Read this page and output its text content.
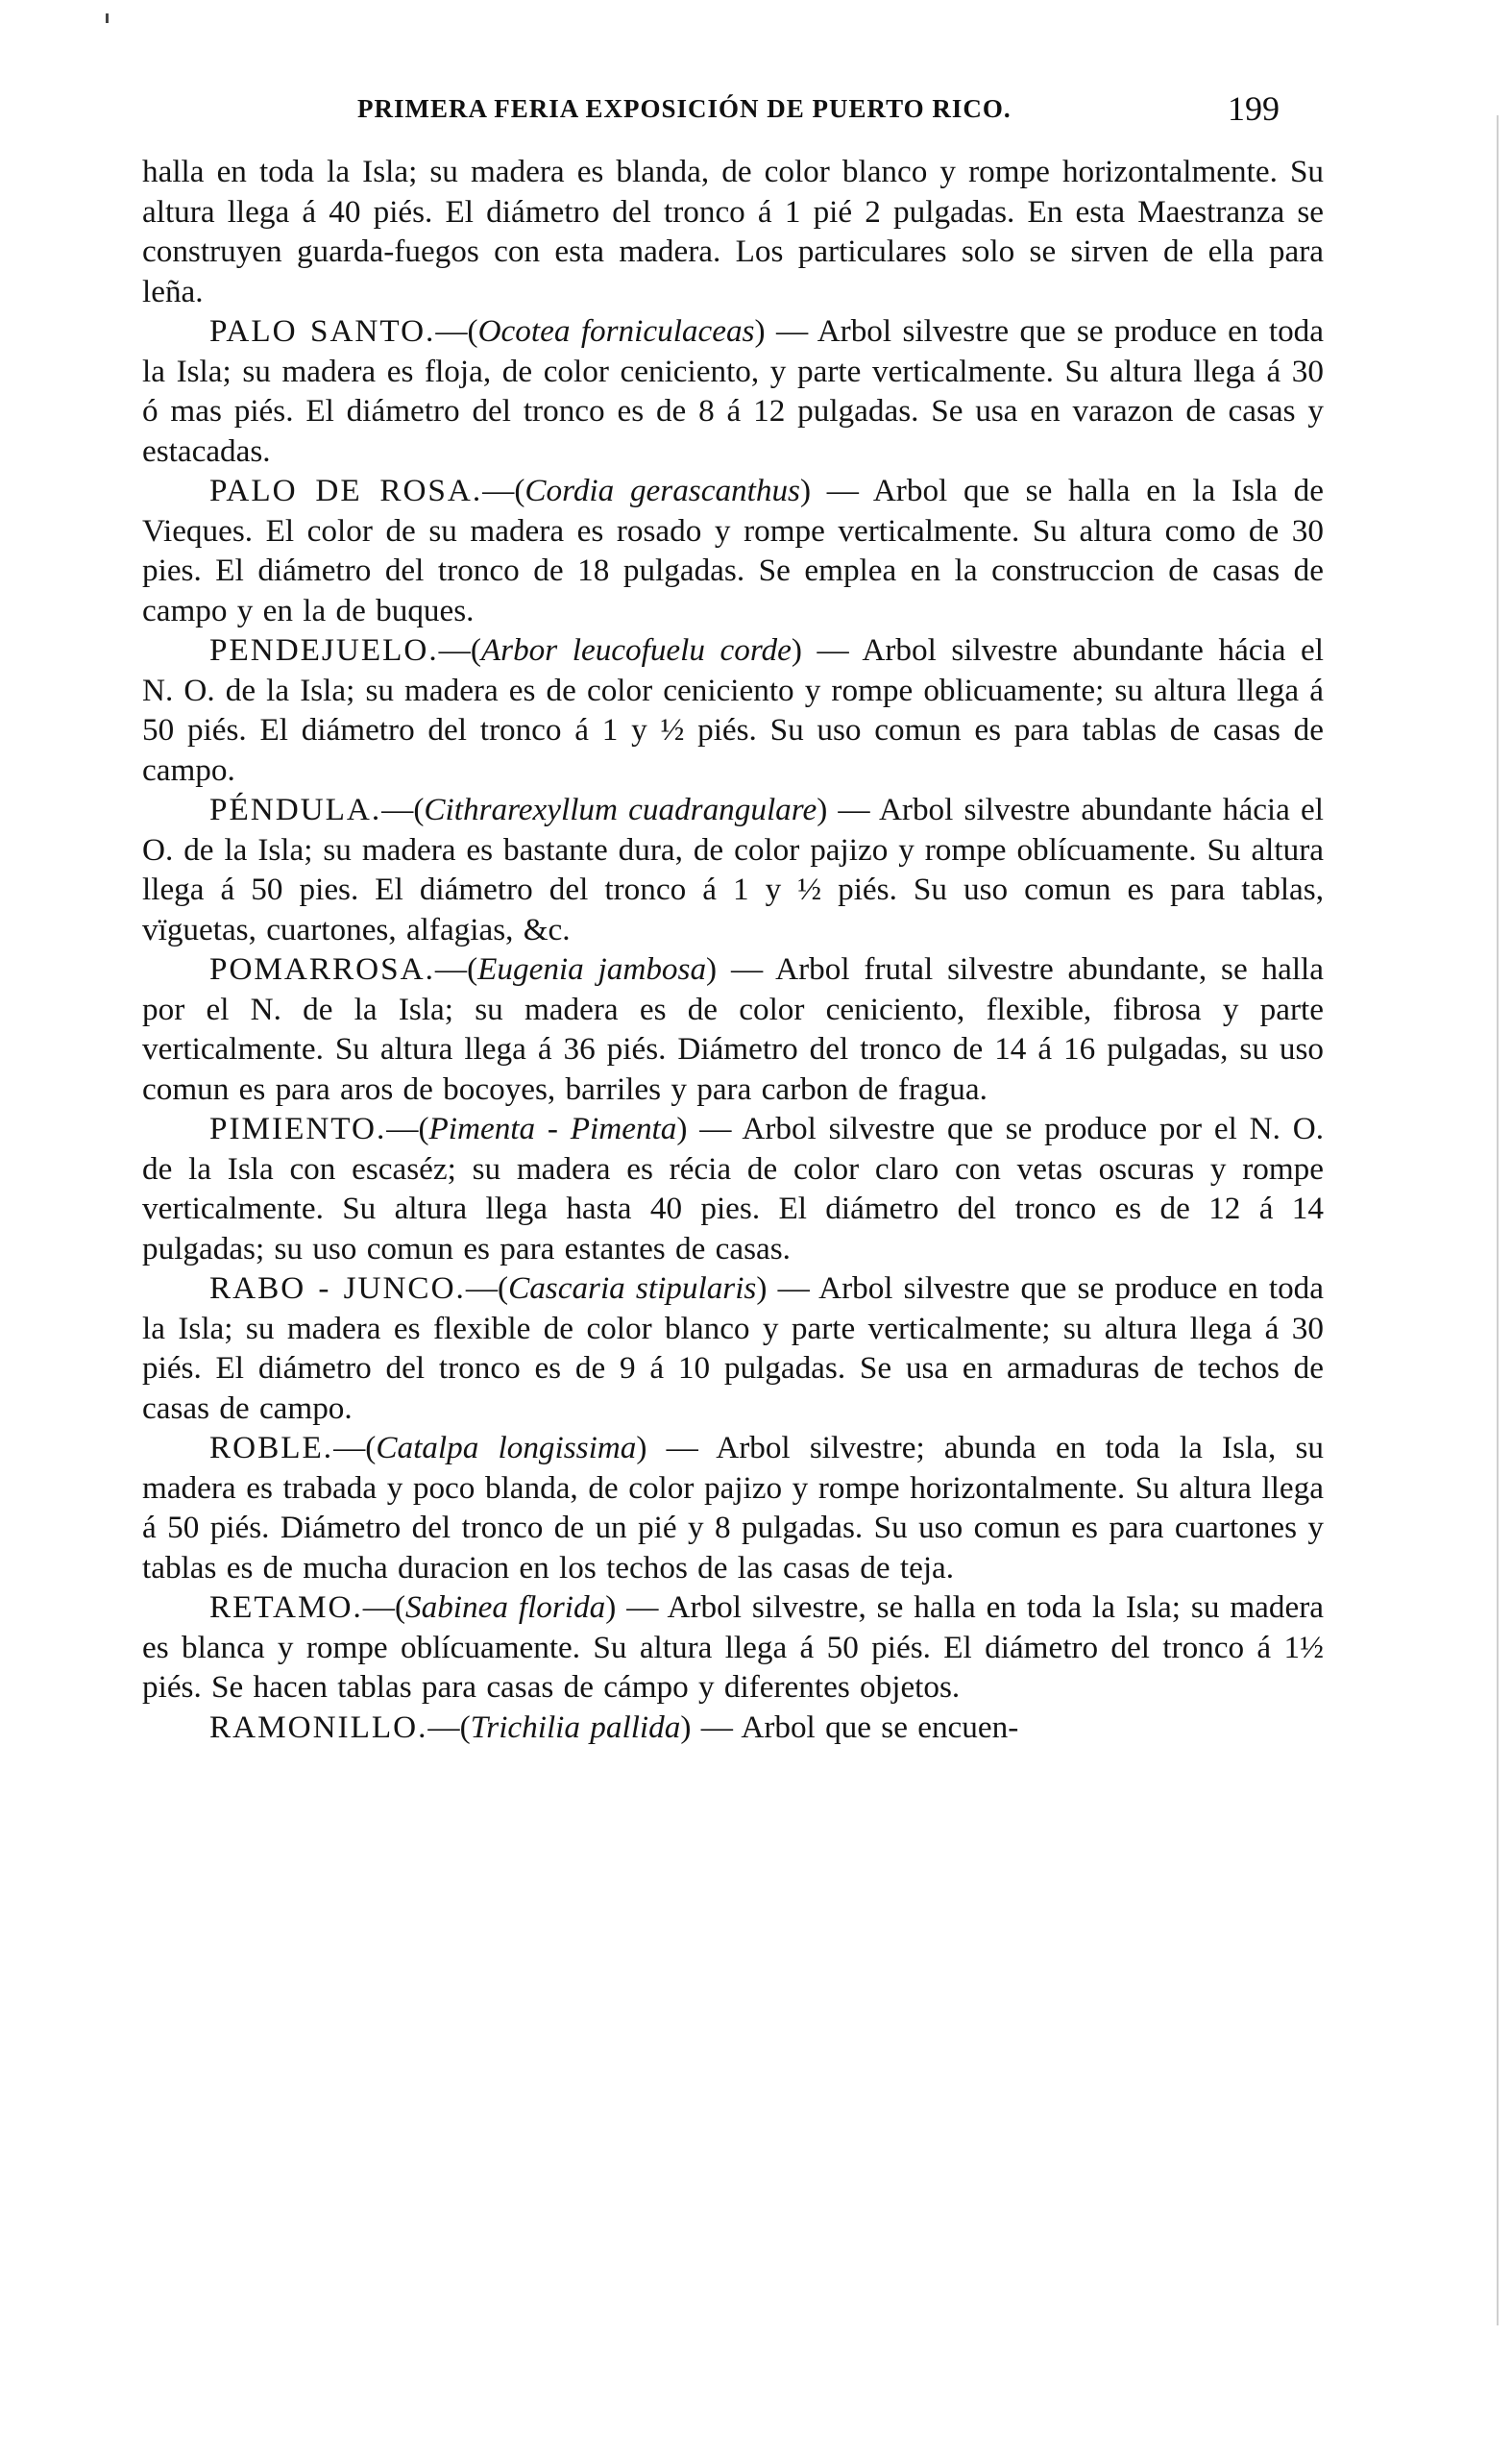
PRIMERA FERIA EXPOSICIÓN DE PUERTO RICO.	199

halla en toda la Isla; su madera es blanda, de color blanco y rompe horizontalmente. Su altura llega á 40 piés. El diámetro del tronco á 1 pié 2 pulgadas. En esta Maestranza se construyen guarda-fuegos con esta madera. Los particulares solo se sirven de ella para leña.

PALO SANTO.—(Ocotea forniculaceas) — Arbol silvestre que se produce en toda la Isla; su madera es floja, de color ceniciento, y parte verticalmente. Su altura llega á 30 ó mas piés. El diámetro del tronco es de 8 á 12 pulgadas. Se usa en varazon de casas y estacadas.

PALO DE ROSA.—(Cordia gerascanthus) — Arbol que se halla en la Isla de Vieques. El color de su madera es rosado y rompe verticalmente. Su altura como de 30 pies. El diámetro del tronco de 18 pulgadas. Se emplea en la construccion de casas de campo y en la de buques.

PENDEJUELO.—(Arbor leucofuelu corde) — Arbol silvestre abundante hácia el N. O. de la Isla; su madera es de color ceniciento y rompe oblicuamente; su altura llega á 50 piés. El diámetro del tronco á 1 y ½ piés. Su uso comun es para tablas de casas de campo.

PÉNDULA.—(Cithrarexyllum cuadrangulare) — Arbol silvestre abundante hácia el O. de la Isla; su madera es bastante dura, de color pajizo y rompe oblícuamente. Su altura llega á 50 pies. El diámetro del tronco á 1 y ½ piés. Su uso comun es para tablas, vïguetas, cuartones, alfagias, &c.

POMARROSA.—(Eugenia jambosa) — Arbol frutal silvestre abundante, se halla por el N. de la Isla; su madera es de color ceniciento, flexible, fibrosa y parte verticalmente. Su altura llega á 36 piés. Diámetro del tronco de 14 á 16 pulgadas, su uso comun es para aros de bocoyes, barriles y para carbon de fragua.

PIMIENTO.—(Pimenta - Pimenta) — Arbol silvestre que se produce por el N. O. de la Isla con escaséz; su madera es récia de color claro con vetas oscuras y rompe verticalmente. Su altura llega hasta 40 pies. El diámetro del tronco es de 12 á 14 pulgadas; su uso comun es para estantes de casas.

RABO - JUNCO.—(Cascaria stipularis) — Arbol silvestre que se produce en toda la Isla; su madera es flexible de color blanco y parte verticalmente; su altura llega á 30 piés. El diámetro del tronco es de 9 á 10 pulgadas. Se usa en armaduras de techos de casas de campo.

ROBLE.—(Catalpa longissima) — Arbol silvestre; abunda en toda la Isla, su madera es trabada y poco blanda, de color pajizo y rompe horizontalmente. Su altura llega á 50 piés. Diámetro del tronco de un pié y 8 pulgadas. Su uso comun es para cuartones y tablas es de mucha duracion en los techos de las casas de teja.

RETAMO.—(Sabinea florida) — Arbol silvestre, se halla en toda la Isla; su madera es blanca y rompe oblícuamente. Su altura llega á 50 piés. El diámetro del tronco á 1½ piés. Se hacen tablas para casas de cámpo y diferentes objetos.

RAMONILLO.—(Trichilia pallida) — Arbol que se encuen-
